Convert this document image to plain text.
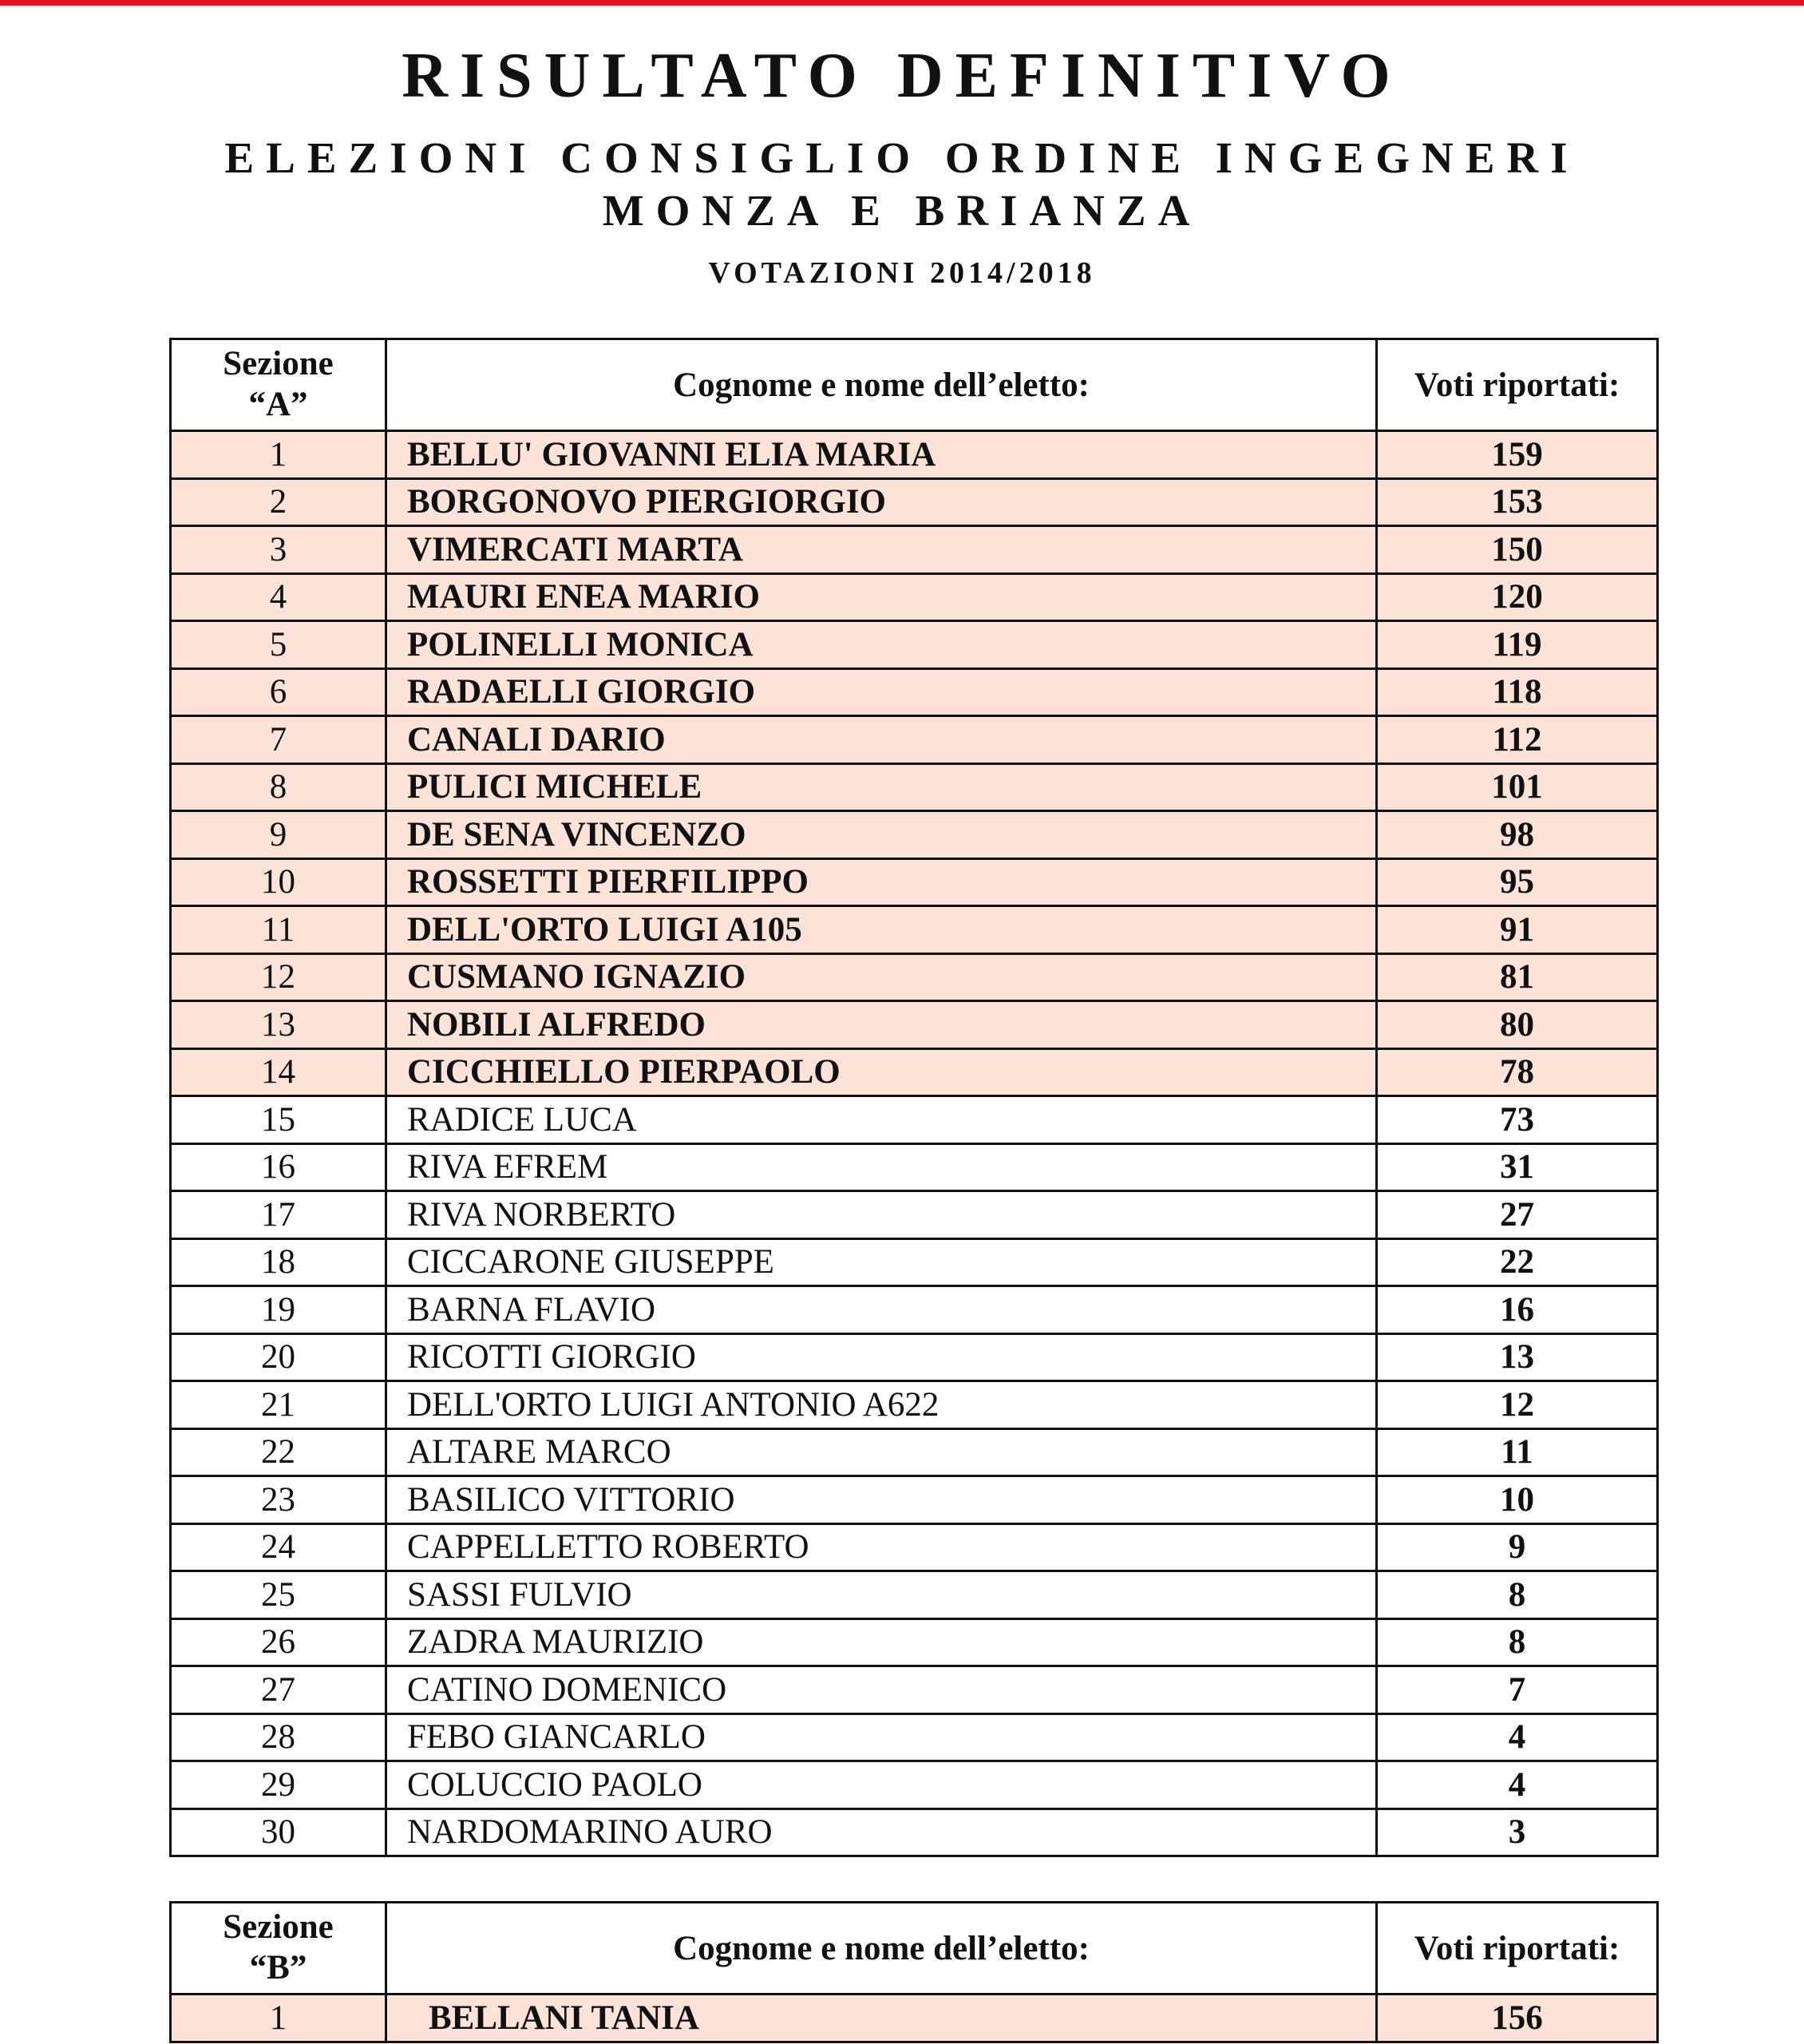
RISULTATO DEFINITIVO
ELEZIONI CONSIGLIO ORDINE INGEGNERI
MONZA E BRIANZA
VOTAZIONI 2014/2018
Sezione
“A”	Cognome e nome dell’eletto:	Voti riportati:
1	BELLU' GIOVANNI ELIA MARIA	159
2	BORGONOVO PIERGIORGIO	153
3	VIMERCATI MARTA	150
4	MAURI ENEA MARIO	120
5	POLINELLI MONICA	119
6	RADAELLI GIORGIO	118
7	CANALI DARIO	112
8	PULICI MICHELE	101
9	DE SENA VINCENZO	98
10	ROSSETTI PIERFILIPPO	95
11	DELL'ORTO LUIGI A105	91
12	CUSMANO IGNAZIO	81
13	NOBILI ALFREDO	80
14	CICCHIELLO PIERPAOLO	78
15	RADICE LUCA	73
16	RIVA EFREM	31
17	RIVA NORBERTO	27
18	CICCARONE GIUSEPPE	22
19	BARNA FLAVIO	16
20	RICOTTI GIORGIO	13
21	DELL'ORTO LUIGI ANTONIO A622	12
22	ALTARE MARCO	11
23	BASILICO VITTORIO	10
24	CAPPELLETTO ROBERTO	9
25	SASSI FULVIO	8
26	ZADRA MAURIZIO	8
27	CATINO DOMENICO	7
28	FEBO GIANCARLO	4
29	COLUCCIO PAOLO	4
30	NARDOMARINO AURO	3
Sezione
“B”	Cognome e nome dell’eletto:	Voti riportati:
1	BELLANI TANIA	156
